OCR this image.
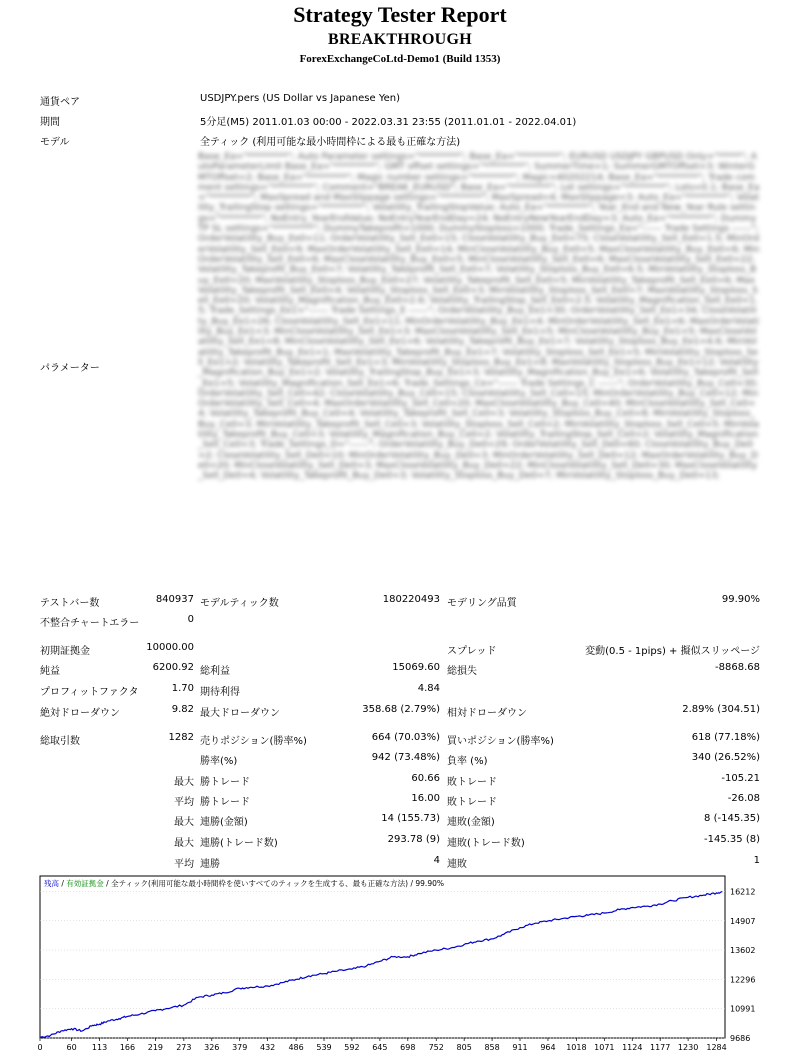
Strategy Tester Report
BREAKTHROUGH
ForexExchangeCoLtd-Demo1 (Build 1353)
通貨ペア	USDJPY.pers (US Dollar vs Japanese Yen)
期間	5分足(M5) 2011.01.03 00:00 - 2022.03.31 23:55 (2011.01.01 - 2022.04.01)
モデル	全ティック (利用可能な最小時間枠による最も正確な方法)
パラメーター
Base_Ea="*********"; Auto Parameter settings="*********"; Base_Ea="*********"; EURUSD USDJPY GBPUSD Only="*****"; AutoParameterLimit Base_Ea="*********"; GMT offset settings="*********"; SummerTime=1; SummerGMTOffset=3; WinterGMTOffset=2; Base_Ea="*********"; Magic number settings="*********"; Magic=40202214; Base_Ea="*********"; Trade comment settings="*********"; Comment="BREAK_EURUSD"; Base_Ea="*********"; Lot settings="*********"; Lots=0.1; Base_Ea="*********"; MaxSpread and MaxSlippage settings="*********"; MaxSpread=4; MaxSlippage=3; Auto_Ea="*********"; Volatility_TrailingStop settings="*********"; Volatility_TrailingStopValue; Auto_Ea="*********"; Year_End and New_Year Rule settings="*********"; NoEntry_YearEndValue; NoEntryYearEndDay=24; NoEntryNewYearEndDay=3; Auto_Ea="*********"; Dummy TP SL settings="*********"; DummyTakeprofit=1000; DummyStoploss=1000; Trade_Settings_Ea="------ Trade Settings ------"; OrderVolatility_Buy_Ee0=11; OrderVolatility_Sell_Ee0=15; CloseVolatility_Buy_Ee0=75; CloseVolatility_Sell_Ee0=1.5; MinOrderVolatility_Sell_Ee0=9; MaxOrderVolatility_Sell_Ee0=14; MinCloseVolatility_Buy_Ee0=5; MaxCloseVolatility_Buy_Ee0=6; MinOrderVolatility_Sell_Ee0=6; MaxCloseVolatility_Buy_Ee0=5; MinCloseVolatility_Sell_Ee0=6; MaxCloseVolatility_Sell_Ee0=22; Volatility_Takeprofit_Buy_Ee0=7; Volatility_Takeprofit_Sell_Ee0=7; Volatility_Stoploss_Buy_Ee0=6.5; MinVolatility_Stoploss_Buy_Ee0=20; MaxVolatility_Stoploss_Buy_Ee0=27; Volatility_Takeprofit_Sell_Ee0=5; MinVolatility_Takeprofit_Sell_Ee0=6; MaxVolatility_Takeprofit_Sell_Ee0=4; Volatility_Stoploss_Sell_Ee0=3; MinVolatility_Stoploss_Sell_Ee0=7; MaxVolatility_Stoploss_Sell_Ee0=20; Volatility_Magnification_Buy_Ee0=2.6; Volatility_TrailingStop_Sell_Ee0=2.5; Volatility_Magnification_Sell_Ee0=1.5; Trade_Settings_Ee1="------ Trade Settings_E ------"; OrderVolatility_Buy_Ee1=30; OrderVolatility_Sell_Ee1=34; CloseVolatility_Buy_Ee1=26; CloseVolatility_Sell_Ee1=11; MinOrderVolatility_Buy_Ee1=4; MinOrderVolatility_Sell_Ee1=6; MaxOrderVolatility_Buy_Ee1=3; MinCloseVolatility_Sell_Ee1=3; MaxCloseVolatility_Sell_Ee1=5; MinCloseVolatility_Buy_Ee1=5; MaxCloseVolatility_Sell_Ee1=8; MinCloseVolatility_Sell_Ee1=6; Volatility_Takeprofit_Buy_Ee1=7; Volatility_Stoploss_Buy_Ee1=4.6; MinVolatility_Takeprofit_Buy_Ee1=1; MaxVolatility_Takeprofit_Buy_Ee1=7; Volatility_Stoploss_Sell_Ee1=5; MinVolatility_Stoploss_Sell_Ee1=2; Volatility_Takeprofit_Sell_Ee1=3; MinVolatility_Stoploss_Buy_Ee1=8; MaxVolatility_Stoploss_Buy_Ee1=12; Volatility_Magnification_Buy_Ee1=2; Volatility_TrailingStop_Buy_Ee1=3; Volatility_Magnification_Buy_Ee1=6; Volatility_Takeprofit_Sell_Ee1=5; Volatility_Magnification_Sell_Ee1=6; Trade_Settings_Ce="------ Trade Settings_C ------"; OrderVolatility_Buy_Ce0=30; OrderVolatility_Sell_Ce0=42; CloseVolatility_Buy_Ce0=15; CloseVolatility_Sell_Ce0=15; MinOrderVolatility_Buy_Ce0=12; MinOrderVolatility_Sell_Ce0=4; MaxOrderVolatility_Sell_Ce0=20; MaxCloseVolatility_Buy_Ce0=40; MinCloseVolatility_Sell_Ce0=4; Volatility_Takeprofit_Buy_Ce0=4; Volatility_Takeprofit_Sell_Ce0=3; Volatility_Stoploss_Buy_Ce0=8; MinVolatility_Stoploss_Buy_Ce0=3; MinVolatility_Takeprofit_Sell_Ce0=3; Volatility_Stoploss_Sell_Ce0=2; MinVolatility_Stoploss_Sell_Ce0=5; MinVolatility_Takeprofit_Buy_Ce0=3; Volatility_Magnification_Buy_Ce0=2; Volatility_TrailingStop_Sell_Ce0=2; Volatility_Magnification_Sell_Ce0=3; Trade_Settings_D="------"; OrderVolatility_Buy_De0=29; OrderVolatility_Sell_De0=60; CloseVolatility_Buy_De0=2; CloseVolatility_Sell_De0=10; MinOrderVolatility_Buy_De0=3; MinOrderVolatility_Sell_De0=12; MaxOrderVolatility_Buy_De0=20; MinCloseVolatility_Sell_De0=3; MaxCloseVolatility_Buy_De0=22; MinCloseVolatility_Sell_De0=30; MaxCloseVolatility_Sell_De0=4; Volatility_Takeprofit_Buy_De0=3; Volatility_Stoploss_Buy_De0=7; MinVolatility_Stoploss_Buy_De0=13;
テストバー数	840937 モデルティック数	180220493 モデリング品質	99.90%
不整合チャートエラー	0
初期証拠金	10000.00	スプレッド	変動(0.5 - 1pips) + 擬似スリッページ
純益	6200.92 総利益	15069.60 総損失	-8868.68
プロフィットファクタ	1.70 期待利得	4.84
絶対ドローダウン	9.82 最大ドローダウン	358.68 (2.79%) 相対ドローダウン	2.89% (304.51)
総取引数	1282 売りポジション(勝率%)	664 (70.03%) 買いポジション(勝率%)	618 (77.18%)
勝率(%)	942 (73.48%) 負率 (%)	340 (26.52%)
最大 勝トレード	60.66 敗トレード	-105.21
平均 勝トレード	16.00 敗トレード	-26.08
最大 連勝(金額)	14 (155.73) 連敗(金額)	8 (-145.35)
最大 連勝(トレード数)	293.78 (9) 連敗(トレード数)	-145.35 (8)
平均 連勝	4 連敗	1
残高 / 有効証拠金 / 全ティック(利用可能な最小時間枠を使いすべてのティックを生成する、最も正確な方法) / 99.90%
9686
10991
12296
13602
14907
16212
0	60 113 166 219 273 326 379 432 486 539 592 645 698 752 805 858 911 964 1018 1071 1124 1177 1230 1284
